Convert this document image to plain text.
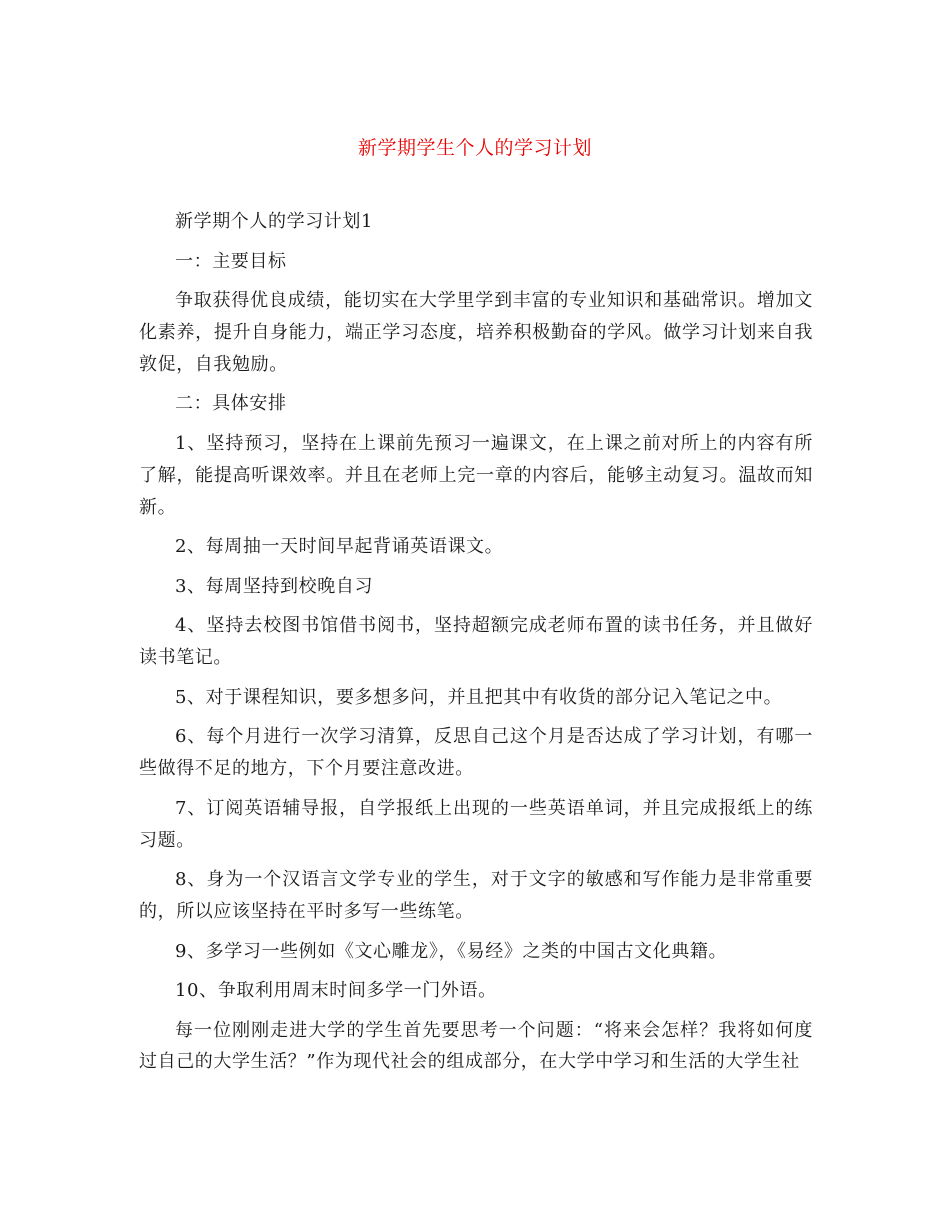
新学期学生个人的学习计划

新学期个人的学习计划1

一：主要目标

争取获得优良成绩，能切实在大学里学到丰富的专业知识和基础常识。增加文化素养，提升自身能力，端正学习态度，培养积极勤奋的学风。做学习计划来自我敦促，自我勉励。

二：具体安排

1、坚持预习，坚持在上课前先预习一遍课文，在上课之前对所上的内容有所了解，能提高听课效率。并且在老师上完一章的内容后，能够主动复习。温故而知新。

2、每周抽一天时间早起背诵英语课文。

3、每周坚持到校晚自习

4、坚持去校图书馆借书阅书，坚持超额完成老师布置的读书任务，并且做好读书笔记。

5、对于课程知识，要多想多问，并且把其中有收货的部分记入笔记之中。

6、每个月进行一次学习清算，反思自己这个月是否达成了学习计划，有哪一些做得不足的地方，下个月要注意改进。

7、订阅英语辅导报，自学报纸上出现的一些英语单词，并且完成报纸上的练习题。

8、身为一个汉语言文学专业的学生，对于文字的敏感和写作能力是非常重要的，所以应该坚持在平时多写一些练笔。

9、多学习一些例如《文心雕龙》，《易经》之类的中国古文化典籍。

10、争取利用周末时间多学一门外语。

每一位刚刚走进大学的学生首先要思考一个问题：“将来会怎样？我将如何度过自己的大学生活？”作为现代社会的组成部分，在大学中学习和生活的大学生社
